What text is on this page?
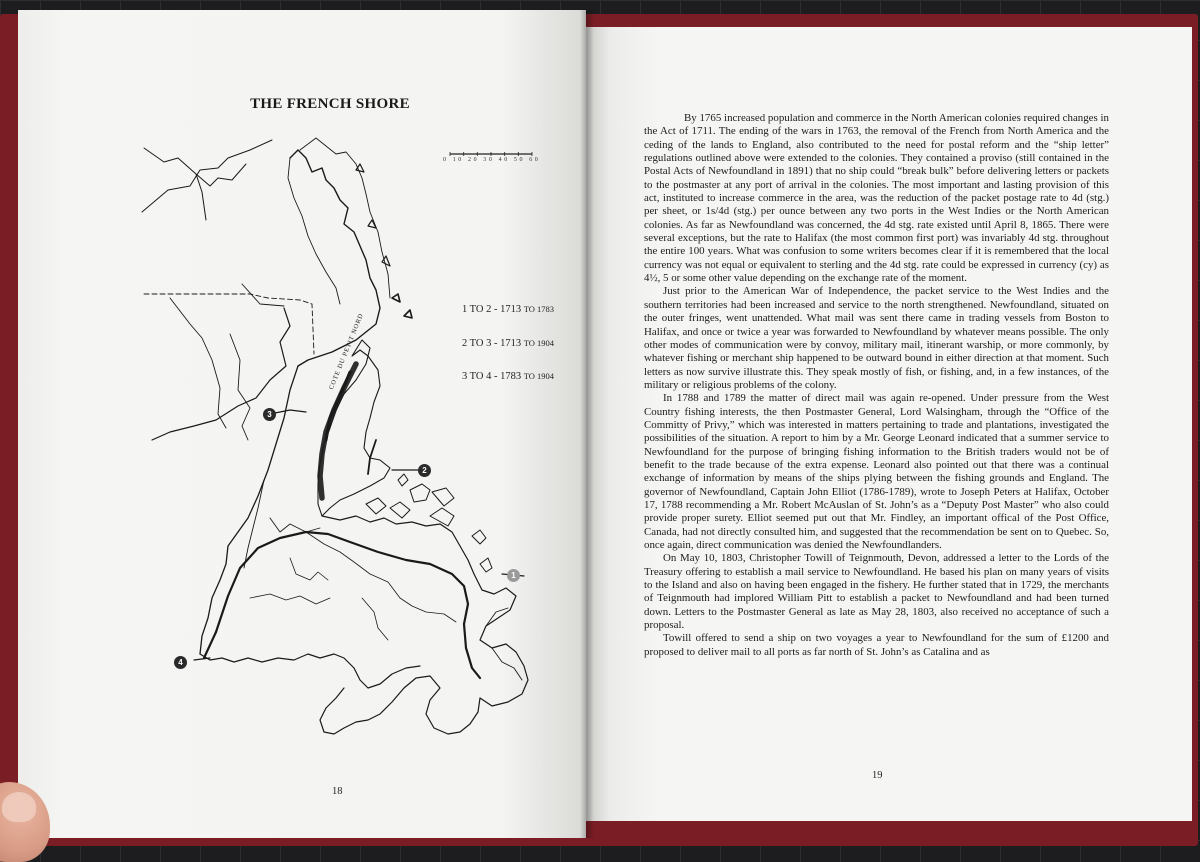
THE FRENCH SHORE
0 10 20 30 40 50 60
COTE DU PETIT NORD
3
2
1
4
1 TO 2 - 1713 TO 1783
2 TO 3 - 1713 TO 1904
3 TO 4 - 1783 TO 1904
18

By 1765 increased population and commerce in the North American colonies required changes in the Act of 1711. The ending of the wars in 1763, the removal of the French from North America and the ceding of the lands to England, also contributed to the need for postal reform and the “ship letter” regulations outlined above were extended to the colonies. They contained a proviso (still contained in the Postal Acts of Newfoundland in 1891) that no ship could “break bulk” before delivering letters or packets to the postmaster at any port of arrival in the colonies. The most important and lasting provision of this act, instituted to increase commerce in the area, was the reduction of the packet postage rate to 4d (stg.) per sheet, or 1s/4d (stg.) per ounce between any two ports in the West Indies or the North American colonies. As far as Newfoundland was concerned, the 4d stg. rate existed until April 8, 1865. There were several exceptions, but the rate to Halifax (the most common first port) was invariably 4d stg. throughout the entire 100 years. What was confusion to some writers becomes clear if it is remembered that the local currency was not equal or equivalent to sterling and the 4d stg. rate could be expressed in currency (cy) as 4½, 5 or some other value depending on the exchange rate of the moment.

Just prior to the American War of Independence, the packet service to the West Indies and the southern territories had been increased and service to the north strengthened. Newfoundland, situated on the outer fringes, went unattended. What mail was sent there came in trading vessels from Boston to Halifax, and once or twice a year was forwarded to Newfoundland by whatever means possible. The only other modes of communication were by convoy, military mail, itinerant warship, or more commonly, by whatever fishing or merchant ship happened to be outward bound in either direction at that moment. Such letters as now survive illustrate this. They speak mostly of fish, or fishing, and, in a few instances, of the military or religious problems of the colony.

In 1788 and 1789 the matter of direct mail was again re-opened. Under pressure from the West Country fishing interests, the then Postmaster General, Lord Walsingham, through the “Office of the Committy of Privy,” which was interested in matters pertaining to trade and plantations, investigated the possibilities of the situation. A report to him by a Mr. George Leonard indicated that a summer service to Newfoundland for the purpose of bringing fishing information to the British traders would not be of benefit to the trade because of the extra expense. Leonard also pointed out that there was a continual exchange of information by means of the ships plying between the fishing grounds and England. The governor of Newfoundland, Captain John Elliot (1786-1789), wrote to Joseph Peters at Halifax, October 17, 1788 recommending a Mr. Robert McAuslan of St. John’s as a “Deputy Post Master” who also could provide proper surety. Elliot seemed put out that Mr. Findley, an important offical of the Post Office, Canada, had not directly consulted him, and suggested that the recommendation be sent on to Quebec. So, once again, direct communication was denied the Newfoundlanders.

On May 10, 1803, Christopher Towill of Teignmouth, Devon, addressed a letter to the Lords of the Treasury offering to establish a mail service to Newfoundland. He based his plan on many years of visits to the Island and also on having been engaged in the fishery. He further stated that in 1729, the merchants of Teignmouth had implored William Pitt to establish a packet to Newfoundland and had been turned down. Letters to the Postmaster General as late as May 28, 1803, also received no acceptance of such a proposal.

Towill offered to send a ship on two voyages a year to Newfoundland for the sum of £1200 and proposed to deliver mail to all ports as far north of St. John’s as Catalina and as

19
